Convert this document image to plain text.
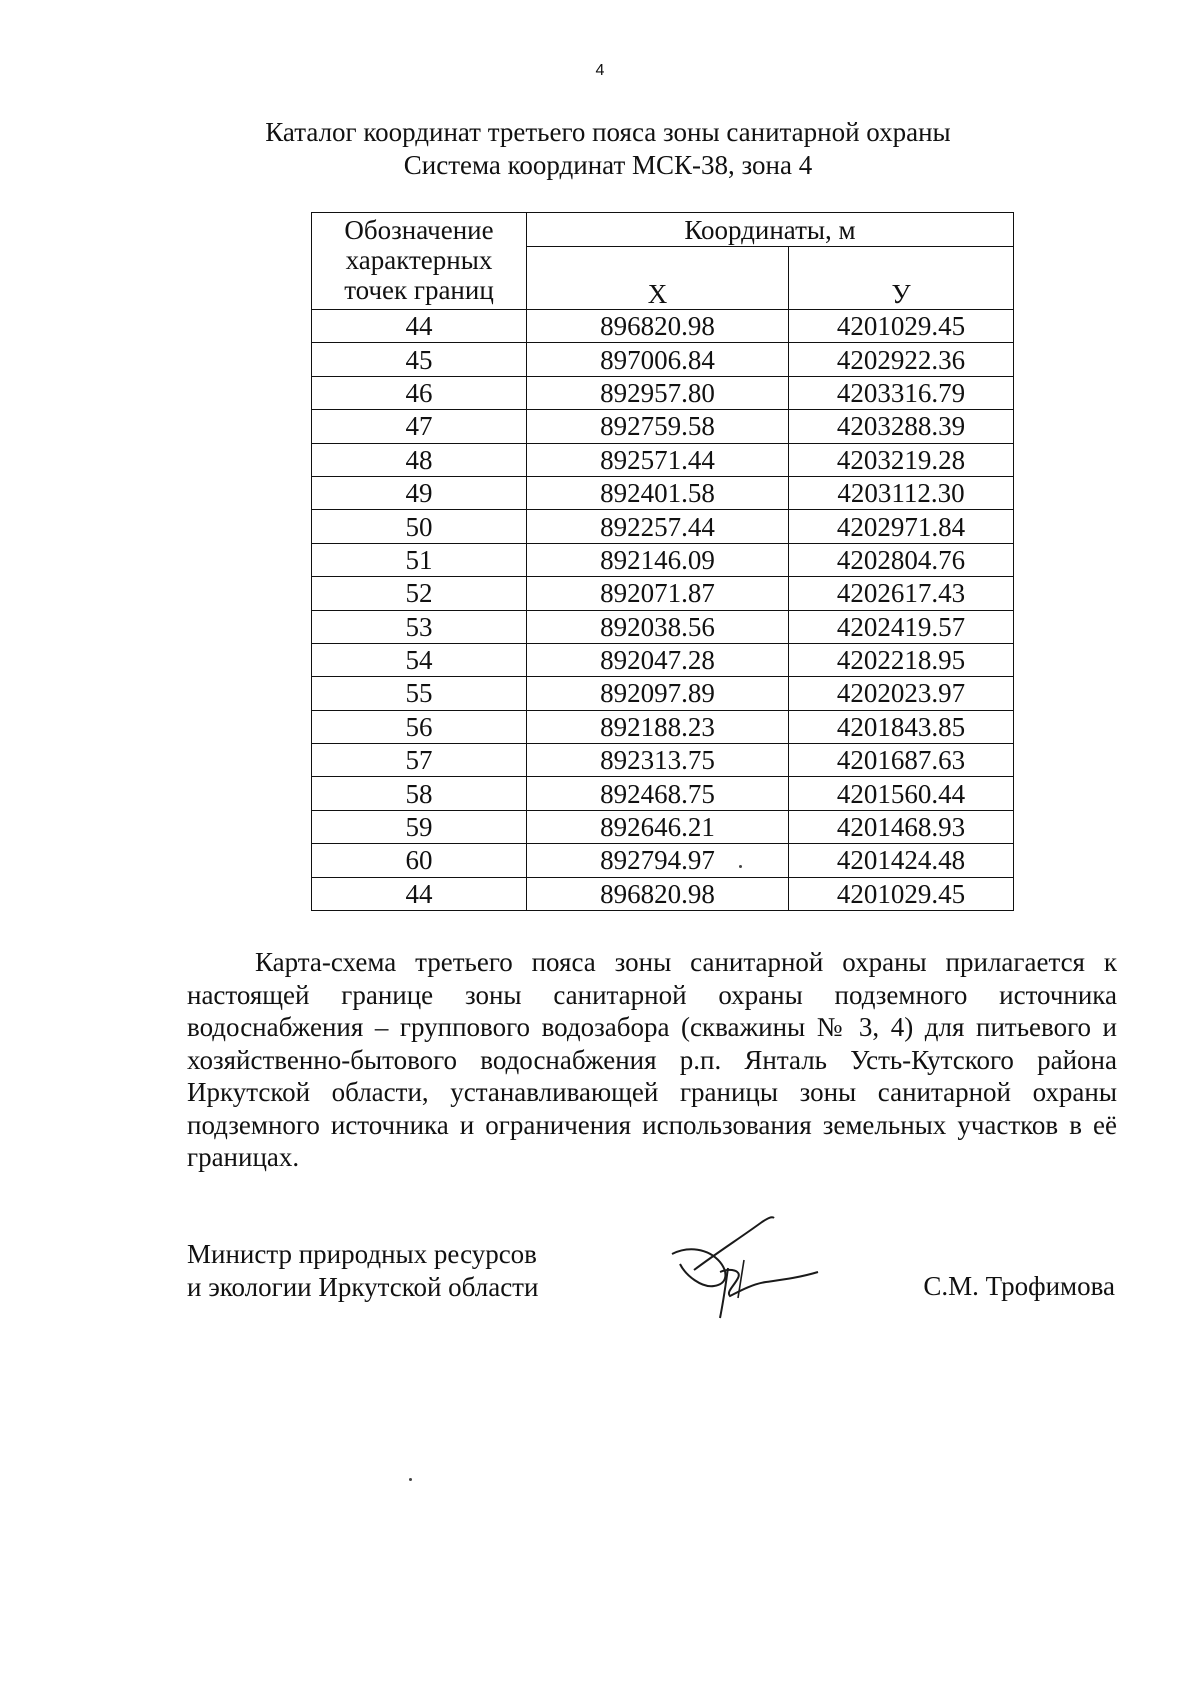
4
Каталог координат третьего пояса зоны санитарной охраны
Система координат МСК-38, зона 4
Обозначение
характерных
точек границ	Координаты, м	
	Х	У
44	896820.98	4201029.45
45	897006.84	4202922.36
46	892957.80	4203316.79
47	892759.58	4203288.39
48	892571.44	4203219.28
49	892401.58	4203112.30
50	892257.44	4202971.84
51	892146.09	4202804.76
52	892071.87	4202617.43
53	892038.56	4202419.57
54	892047.28	4202218.95
55	892097.89	4202023.97
56	892188.23	4201843.85
57	892313.75	4201687.63
58	892468.75	4201560.44
59	892646.21	4201468.93
60	892794.97	4201424.48
44	896820.98	4201029.45

Карта-схема третьего пояса зоны санитарной охраны прилагается к настоящей границе зоны санитарной охраны подземного источника водоснабжения – группового водозабора (скважины № 3, 4) для питьевого и хозяйственно-бытового водоснабжения р.п. Янталь Усть-Кутского района Иркутской области, устанавливающей границы зоны санитарной охраны подземного источника и ограничения использования земельных участков в её границах.

Министр природных ресурсов
и экологии Иркутской области	С.М. Трофимова
